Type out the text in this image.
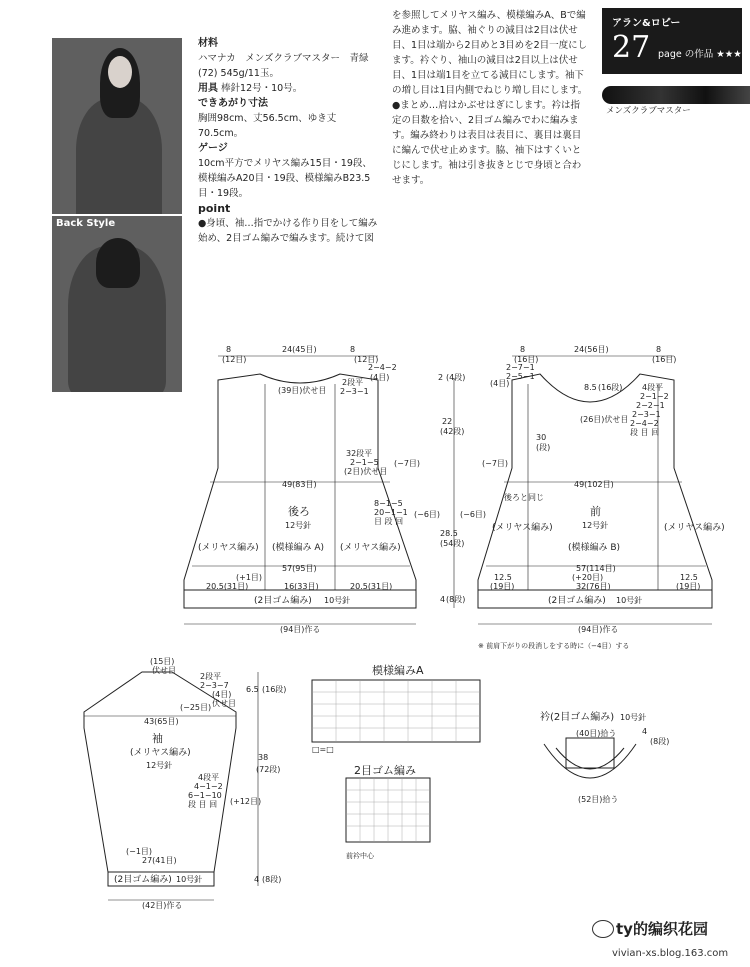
Back Style
材料
ハマナカ　メンズクラブマスター　青緑(72) 545g/11玉。
用具 棒針12号・10号。
できあがり寸法
胸囲98cm、丈56.5cm、ゆき丈70.5cm。
ゲージ
10cm平方でメリヤス編み15目・19段、模様編みA20目・19段、模様編みB23.5目・19段。
point
●身頃、袖…指でかける作り目をして編み始め、2目ゴム編みで編みます。続けて図
を参照してメリヤス編み、模様編みA、Bで編み進めます。脇、袖ぐりの減目は2目は伏せ目、1目は端から2目めと3目めを2目一度にします。衿ぐり、袖山の減目は2目以上は伏せ目、1目は端1目を立てる減目にします。袖下の増し目は1目内側でねじり増し目にします。
●まとめ…肩はかぶせはぎにします。衿は指定の目数を拾い、2目ゴム編みでわに編みます。編み終わりは表目は表目に、裏目は裏目に編んで伏せ止めます。脇、袖下はすくいとじにします。袖は引き抜きとじで身頃と合わせます。
アラン&ロピー
27 page の作品 ★★★
メンズクラブマスター
8
(12目)
24(45目)	8
(12目)
(39目)伏せ目
2段平
2−3−1
2−4−2
(4目)
32段平
2−1−5
(2目)伏せ目
(−7目)
49(83目)
後ろ
12号針
8−1−5
20−1−1
目 段 回
(−6目)
(メリヤス編み) (模様編み A) (メリヤス編み)
57(95目)
(+1目)
20.5(31目)	16(33目)	20.5(31目)
(2目ゴム編み) 10号針
(94目)作る
2 (4段)
22
(42段)
28.5
(54段)
4 (8段)
8
(16目)
24(56目)	8
(16目)
2−7−1
2−5−1
(4目)	8.5 (16段) 4段平
2−1−2
2−2−1
2−3−1
2−4−2
段 目 回
(26目)伏せ目
30
(段)
(−7目)
49(102目)
後ろと同じ
前
12号針
(−6目)
(メリヤス編み)
(模様編み B)
(メリヤス編み)
57(114目)
(+20目)
12.5
(19目)	32(76目)
12.5
(19目)
(2目ゴム編み) 10号針
(94目)作る
※ 前肩下がりの段消しをする時に（−4目）する
(15目)
伏せ目
2段平
2−3−7
(4目)
伏せ目
(−25目)
43(65目)
袖
(メリヤス編み)
12号針
6.5 (16段)
38
(72段)
4段平
4−1−2
6−1−10
段 目 回 (+12目)
(−1目)
27(41目)
(2目ゴム編み) 10号針	4 (8段)
(42目)作る
模様編みA
□=□
2目ゴム編み
前衿中心
衿(2目ゴム編み) 10号針
(40目)拾う
(52目)拾う
4
(8段)
ty的编织花园
vivian-xs.blog.163.com
